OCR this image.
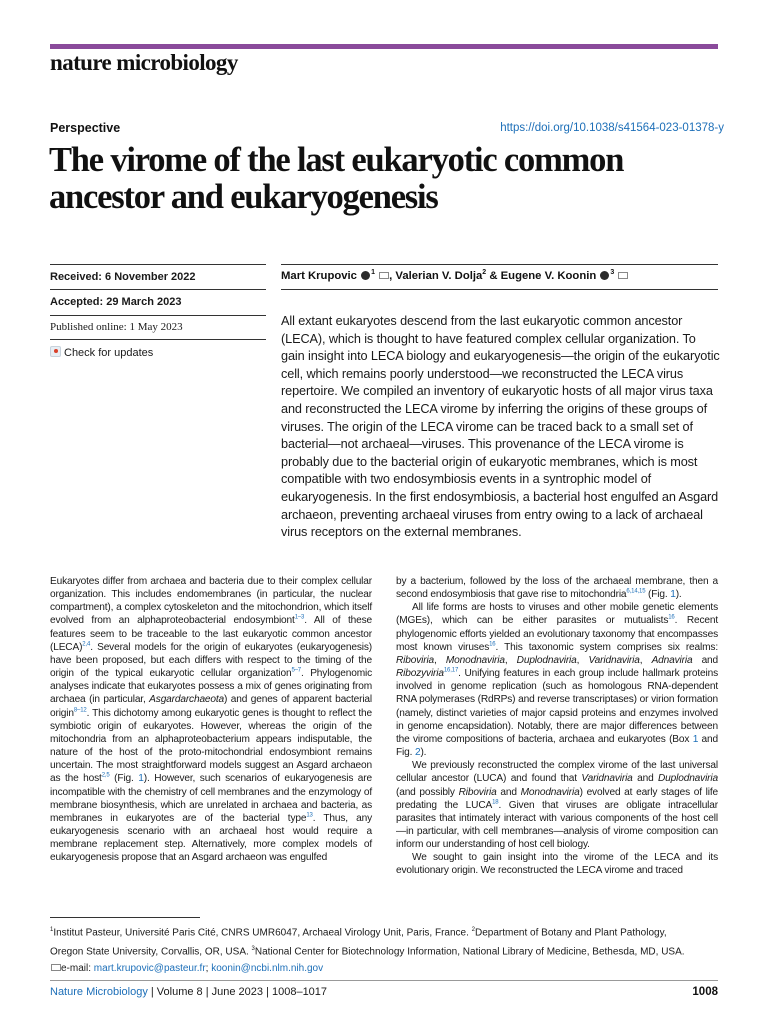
nature microbiology
Perspective	https://doi.org/10.1038/s41564-023-01378-y
The virome of the last eukaryotic common
ancestor and eukaryogenesis
Received: 6 November 2022
Accepted: 29 March 2023
Published online: 1 May 2023
Check for updates
Mart Krupovic $^1$ , Valerian V. Dolja$^2$ & Eugene V. Koonin $^3$

All extant eukaryotes descend from the last eukaryotic common ancestor (LECA), which is thought to have featured complex cellular organization. To gain insight into LECA biology and eukaryogenesis—the origin of the eukaryotic cell, which remains poorly understood—we reconstructed the LECA virus repertoire. We compiled an inventory of eukaryotic hosts of all major virus taxa and reconstructed the LECA virome by inferring the origins of these groups of viruses. The origin of the LECA virome can be traced back to a small set of bacterial—not archaeal—viruses. This provenance of the LECA virome is probably due to the bacterial origin of eukaryotic membranes, which is most compatible with two endosymbiosis events in a syntrophic model of eukaryogenesis. In the first endosymbiosis, a bacterial host engulfed an Asgard archaeon, preventing archaeal viruses from entry owing to a lack of archaeal virus receptors on the external membranes.

Eukaryotes differ from archaea and bacteria due to their complex cellular organization. This includes endomembranes (in particular, the nuclear compartment), a complex cytoskeleton and the mitochondrion, which itself evolved from an alphaproteobacterial endosymbiont$^{1-3}$. All of these features seem to be traceable to the last eukaryotic common ancestor (LECA)$^{2,4}$. Several models for the origin of eukaryotes (eukaryogenesis) have been proposed, but each differs with respect to the timing of the origin of the typical eukaryotic cellular organization$^{5-7}$. Phylogenomic analyses indicate that eukaryotes possess a mix of genes originating from archaea (in particular, Asgardarchaeota) and genes of apparent bacterial origin$^{8-12}$. This dichotomy among eukaryotic genes is thought to reflect the symbiotic origin of eukaryotes. However, whereas the origin of the mitochondria from an alphaproteobacterium appears indisputable, the nature of the host of the proto-mitochondrial endosymbiont remains uncertain. The most straightforward models suggest an Asgard archaeon as the host$^{2,5}$ (Fig. 1). However, such scenarios of eukaryogenesis are incompatible with the chemistry of cell membranes and the enzymology of membrane biosynthesis, which are unrelated in archaea and bacteria, as membranes in eukaryotes are of the bacterial type$^{13}$. Thus, any eukaryogenesis scenario with an archaeal host would require a membrane replacement step. Alternatively, more complex models of eukaryogenesis propose that an Asgard archaeon was engulfed

by a bacterium, followed by the loss of the archaeal membrane, then a second endosymbiosis that gave rise to mitochondria$^{6,14,15}$ (Fig. 1).

All life forms are hosts to viruses and other mobile genetic elements (MGEs), which can be either parasites or mutualists$^{16}$. Recent phylogenomic efforts yielded an evolutionary taxonomy that encompasses most known viruses$^{16}$. This taxonomic system comprises six realms: Riboviria, Monodnaviria, Duplodnaviria, Varidnaviria, Adnaviria and Ribozyviria$^{16,17}$. Unifying features in each group include hallmark proteins involved in genome replication (such as homologous RNA-dependent RNA polymerases (RdRPs) and reverse transcriptases) or virion formation (namely, distinct varieties of major capsid proteins and enzymes involved in genome encapsidation). Notably, there are major differences between the virome compositions of bacteria, archaea and eukaryotes (Box 1 and Fig. 2).

We previously reconstructed the complex virome of the last universal cellular ancestor (LUCA) and found that Varidnaviria and Duplodnaviria (and possibly Riboviria and Monodnaviria) evolved at early stages of life predating the LUCA$^{18}$. Given that viruses are obligate intracellular parasites that intimately interact with various components of the host cell—in particular, with cell membranes—analysis of virome composition can inform our understanding of host cell biology.

We sought to gain insight into the virome of the LECA and its evolutionary origin. We reconstructed the LECA virome and traced

$^1$Institut Pasteur, Université Paris Cité, CNRS UMR6047, Archaeal Virology Unit, Paris, France. $^2$Department of Botany and Plant Pathology,
Oregon State University, Corvallis, OR, USA. $^3$National Center for Biotechnology Information, National Library of Medicine, Bethesda, MD, USA.
e-mail: mart.krupovic@pasteur.fr; koonin@ncbi.nlm.nih.gov
Nature Microbiology | Volume 8 | June 2023 | 1008–1017	1008
